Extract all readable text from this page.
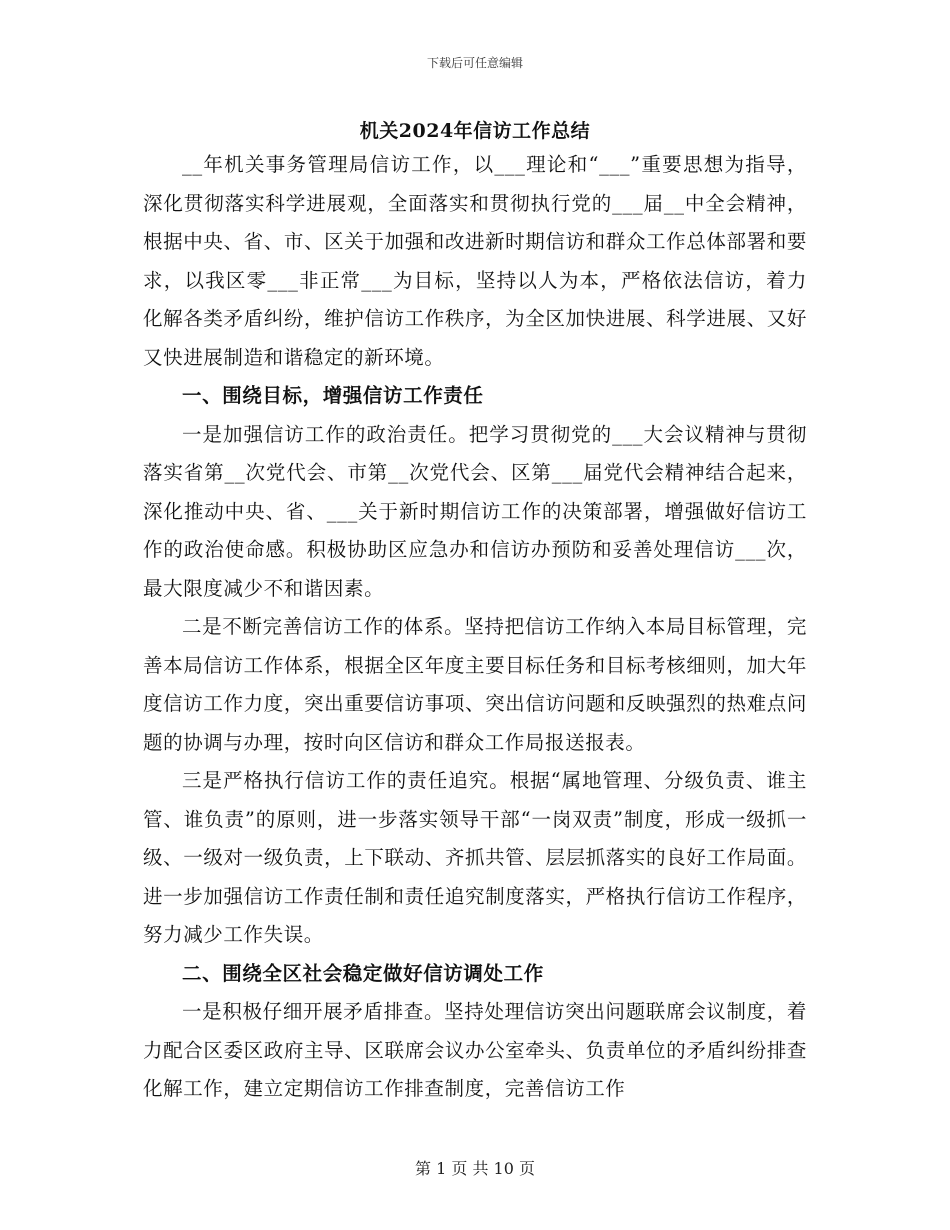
下载后可任意编辑
机关2024年信访工作总结

__年机关事务管理局信访工作，以___理论和“___”重要思想为指导，深化贯彻落实科学进展观，全面落实和贯彻执行党的___届__中全会精神，根据中央、省、市、区关于加强和改进新时期信访和群众工作总体部署和要求，以我区零___非正常___为目标，坚持以人为本，严格依法信访，着力化解各类矛盾纠纷，维护信访工作秩序，为全区加快进展、科学进展、又好又快进展制造和谐稳定的新环境。

一、围绕目标，增强信访工作责任

一是加强信访工作的政治责任。把学习贯彻党的___大会议精神与贯彻落实省第__次党代会、市第__次党代会、区第___届党代会精神结合起来，深化推动中央、省、___关于新时期信访工作的决策部署，增强做好信访工作的政治使命感。积极协助区应急办和信访办预防和妥善处理信访___次，最大限度减少不和谐因素。

二是不断完善信访工作的体系。坚持把信访工作纳入本局目标管理，完善本局信访工作体系，根据全区年度主要目标任务和目标考核细则，加大年度信访工作力度，突出重要信访事项、突出信访问题和反映强烈的热难点问题的协调与办理，按时向区信访和群众工作局报送报表。

三是严格执行信访工作的责任追究。根据“属地管理、分级负责、谁主管、谁负责”的原则，进一步落实领导干部“一岗双责”制度，形成一级抓一级、一级对一级负责，上下联动、齐抓共管、层层抓落实的良好工作局面。进一步加强信访工作责任制和责任追究制度落实，严格执行信访工作程序，努力减少工作失误。

二、围绕全区社会稳定做好信访调处工作

一是积极仔细开展矛盾排查。坚持处理信访突出问题联席会议制度，着力配合区委区政府主导、区联席会议办公室牵头、负责单位的矛盾纠纷排查化解工作，建立定期信访工作排查制度，完善信访工作

第 1 页 共 10 页
